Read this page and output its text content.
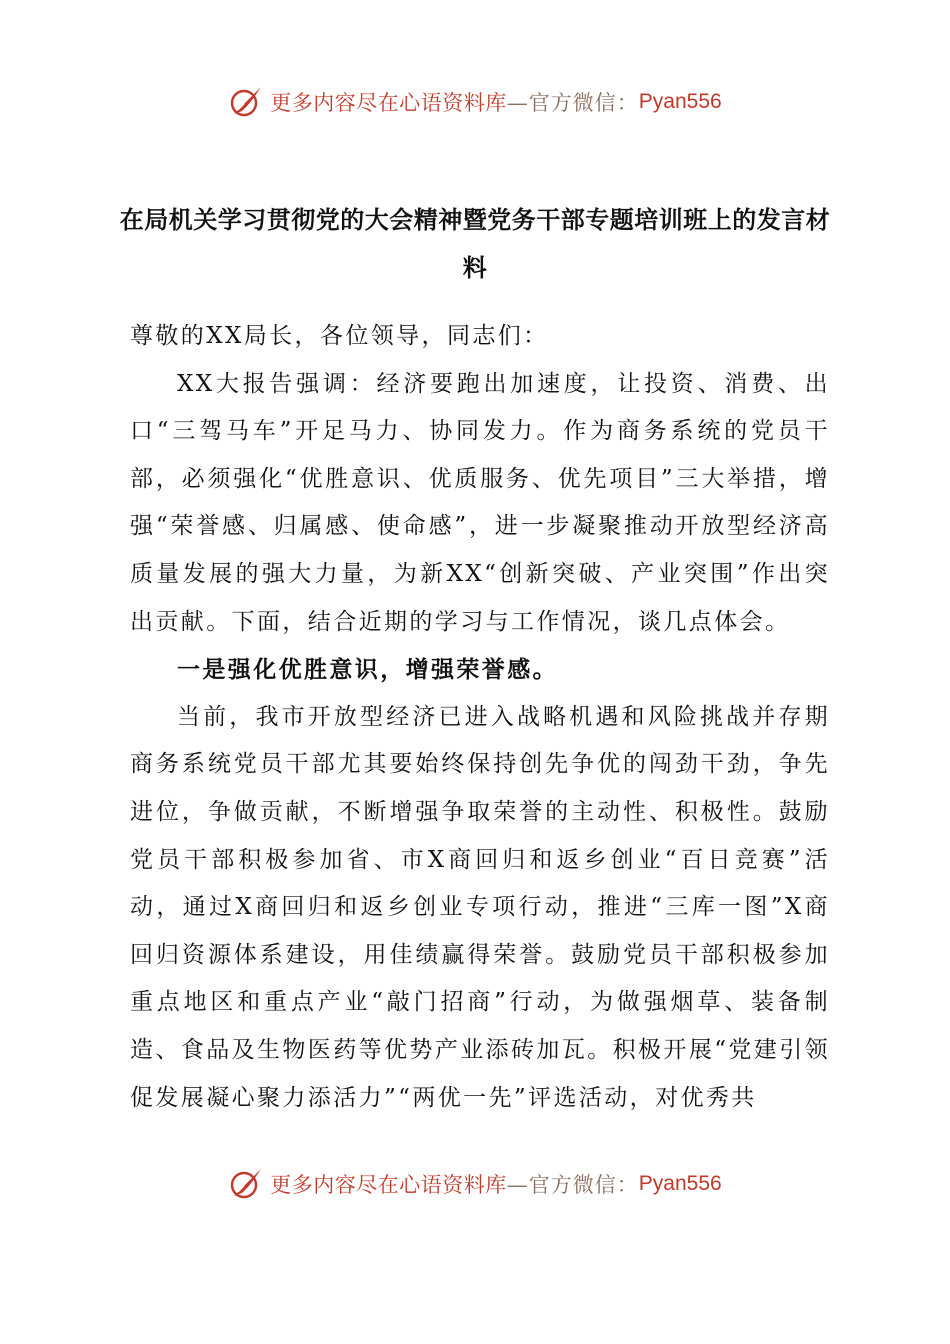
更多内容尽在心语资料库 —官方微信： Pyan556
在局机关学习贯彻党的大会精神暨党务干部专题培训班上的发言材料

尊敬的XX局长，各位领导，同志们：

XX大报告强调：经济要跑出加速度，让投资、消费、出口“三驾马车”开足马力、协同发力。作为商务系统的党员干部，必须强化“优胜意识、优质服务、优先项目”三大举措，增强“荣誉感、归属感、使命感”，进一步凝聚推动开放型经济高质量发展的强大力量，为新XX“创新突破、产业突围”作出突出贡献。下面，结合近期的学习与工作情况，谈几点体会。

一是强化优胜意识，增强荣誉感。

当前，我市开放型经济已进入战略机遇和风险挑战并存期商务系统党员干部尤其要始终保持创先争优的闯劲干劲，争先进位，争做贡献，不断增强争取荣誉的主动性、积极性。鼓励党员干部积极参加省、市X商回归和返乡创业“百日竞赛”活动，通过X商回归和返乡创业专项行动，推进“三库一图”X商回归资源体系建设，用佳绩赢得荣誉。鼓励党员干部积极参加重点地区和重点产业“敲门招商”行动，为做强烟草、装备制造、食品及生物医药等优势产业添砖加瓦。积极开展“党建引领促发展凝心聚力添活力”“两优一先”评选活动，对优秀共

更多内容尽在心语资料库 —官方微信： Pyan556
